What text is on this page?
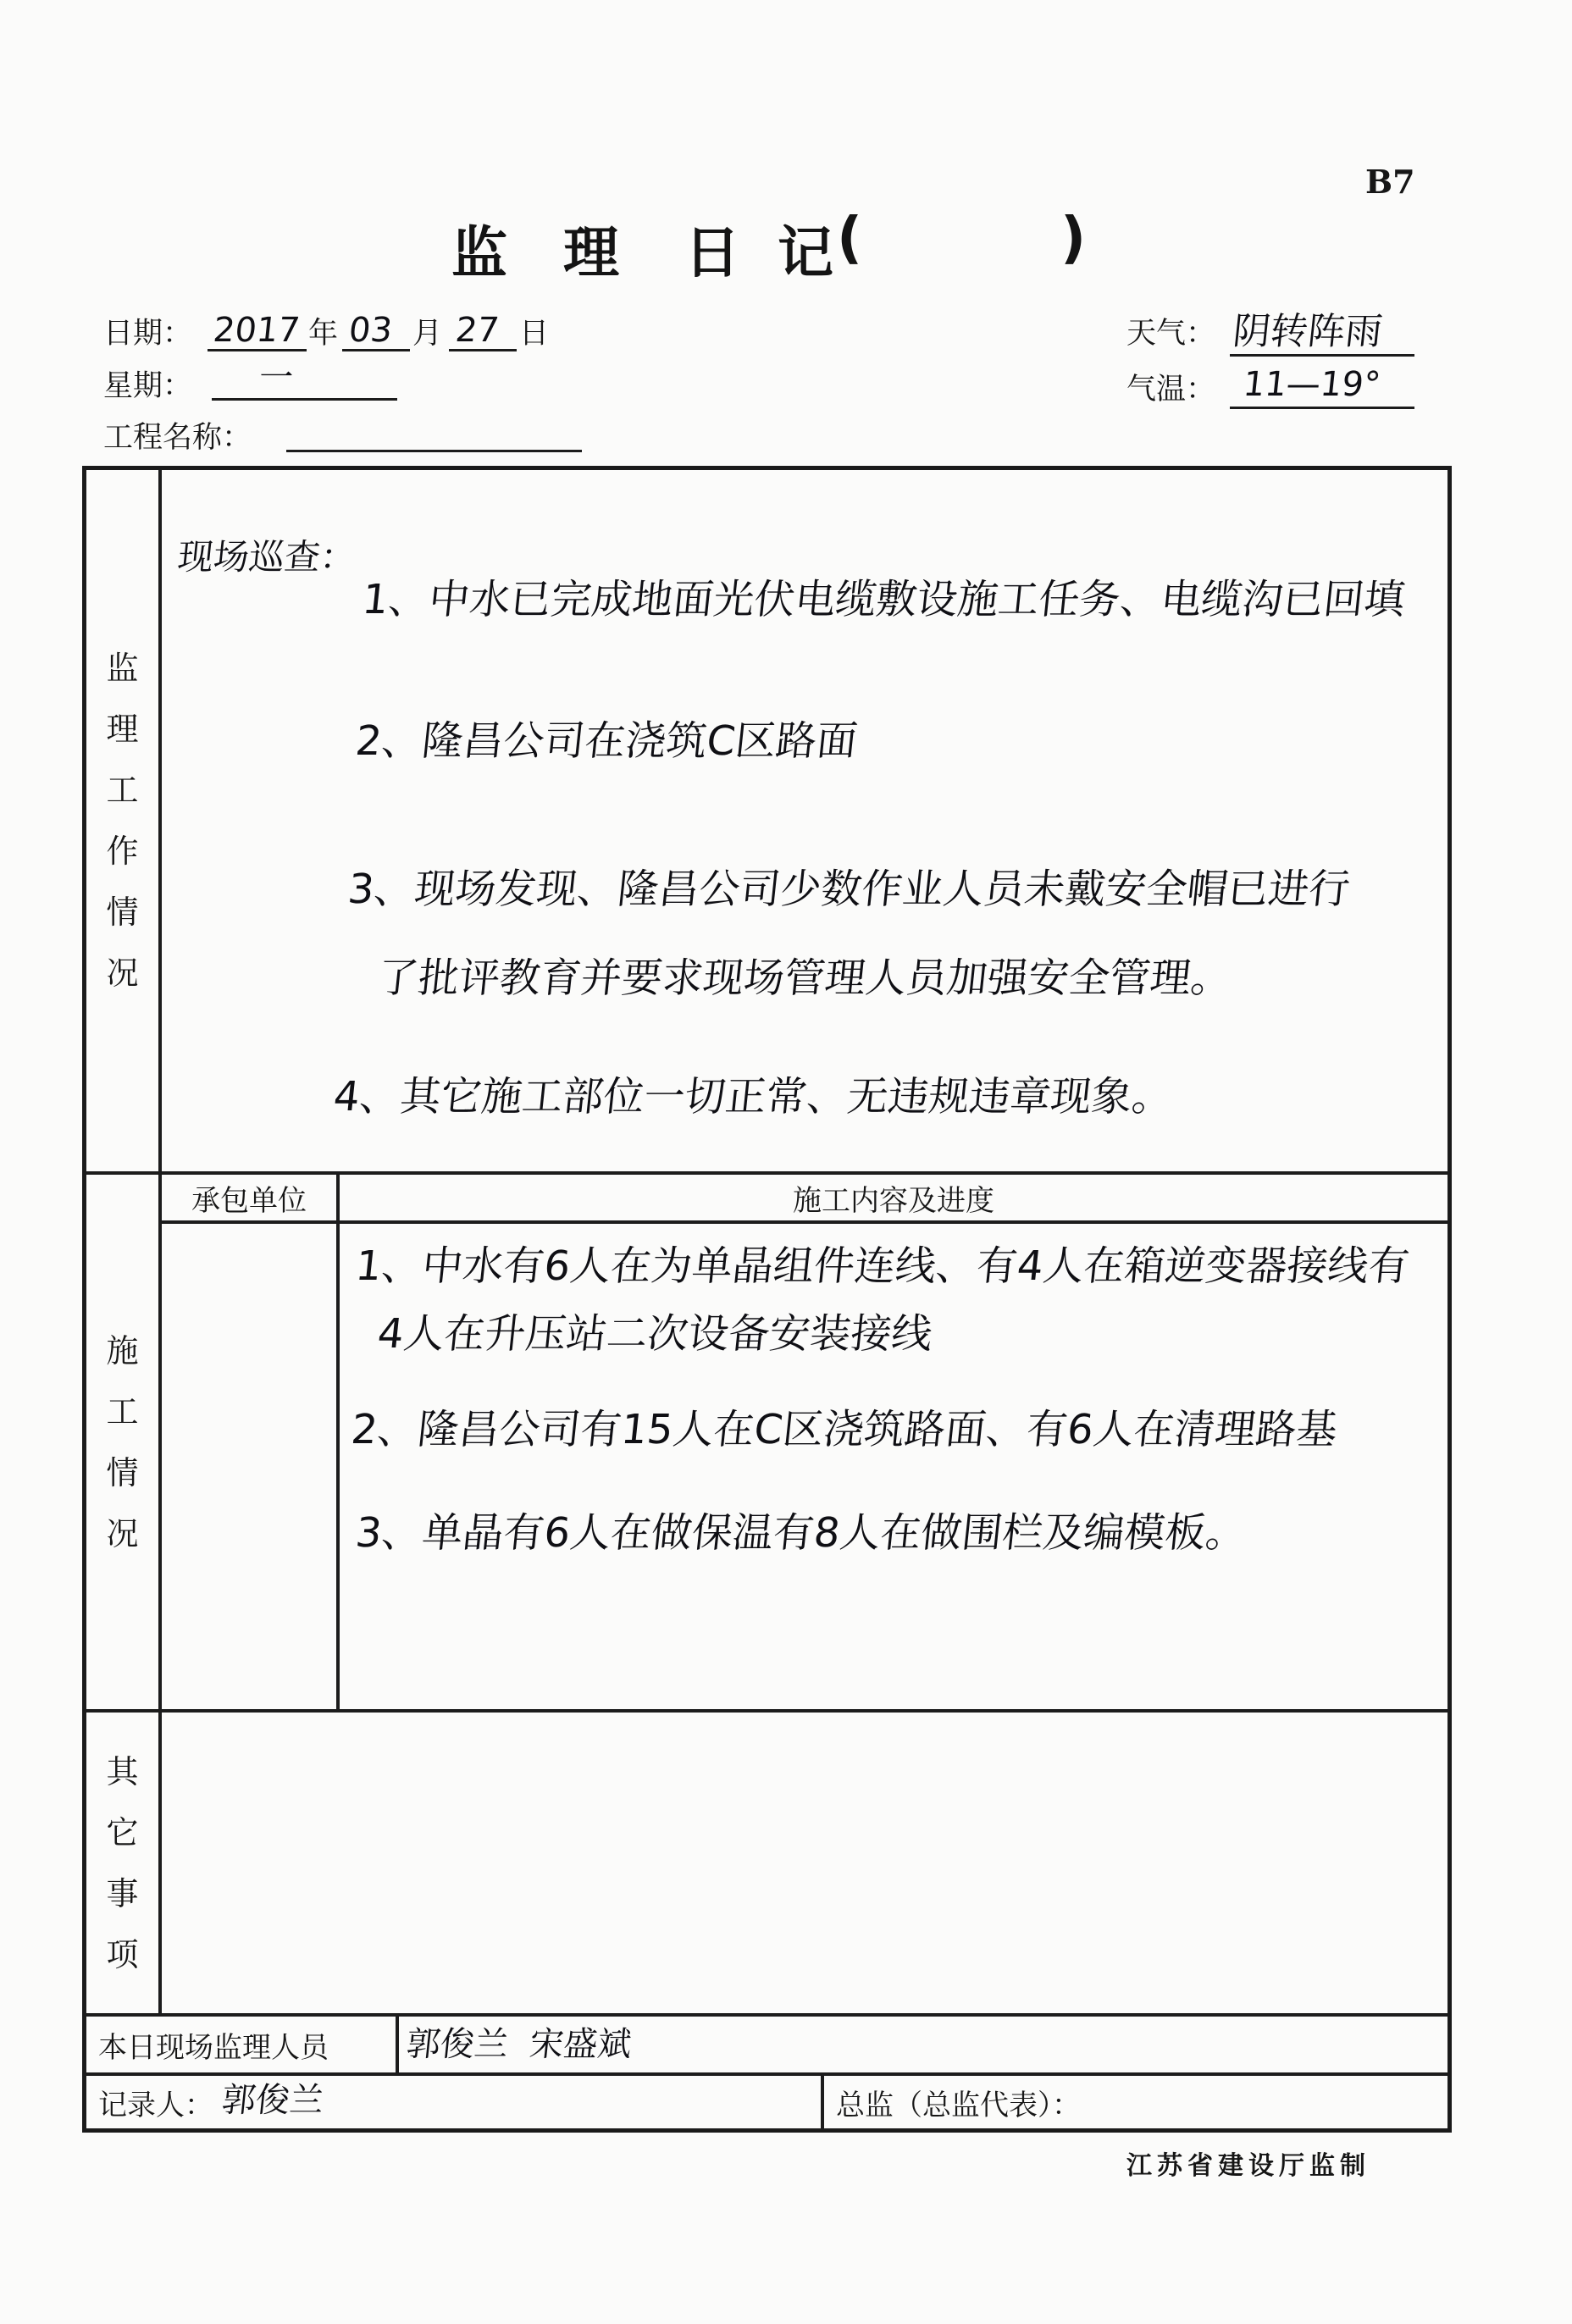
B7
监 理 日 记 (	)
日期： 2017 年 03 月 27 日
星期： 一
工程名称：
天气： 阴转阵雨
气温： 11—19°
监理工作情况
现场巡查：
1、中水已完成地面光伏电缆敷设施工任务、电缆沟已回填
2、隆昌公司在浇筑C区路面
3、现场发现、隆昌公司少数作业人员未戴安全帽已进行
了批评教育并要求现场管理人员加强安全管理。
4、其它施工部位一切正常、无违规违章现象。
施工情况
承包单位	施工内容及进度
1、中水有6人在为单晶组件连线、有4人在箱逆变器接线有
4人在升压站二次设备安装接线
2、隆昌公司有15人在C区浇筑路面、有6人在清理路基
3、单晶有6人在做保温有8人在做围栏及编模板。
其它事项
本日现场监理人员	郭俊兰  宋盛斌
记录人： 郭俊兰	总监（总监代表）：
江苏省建设厅监制
